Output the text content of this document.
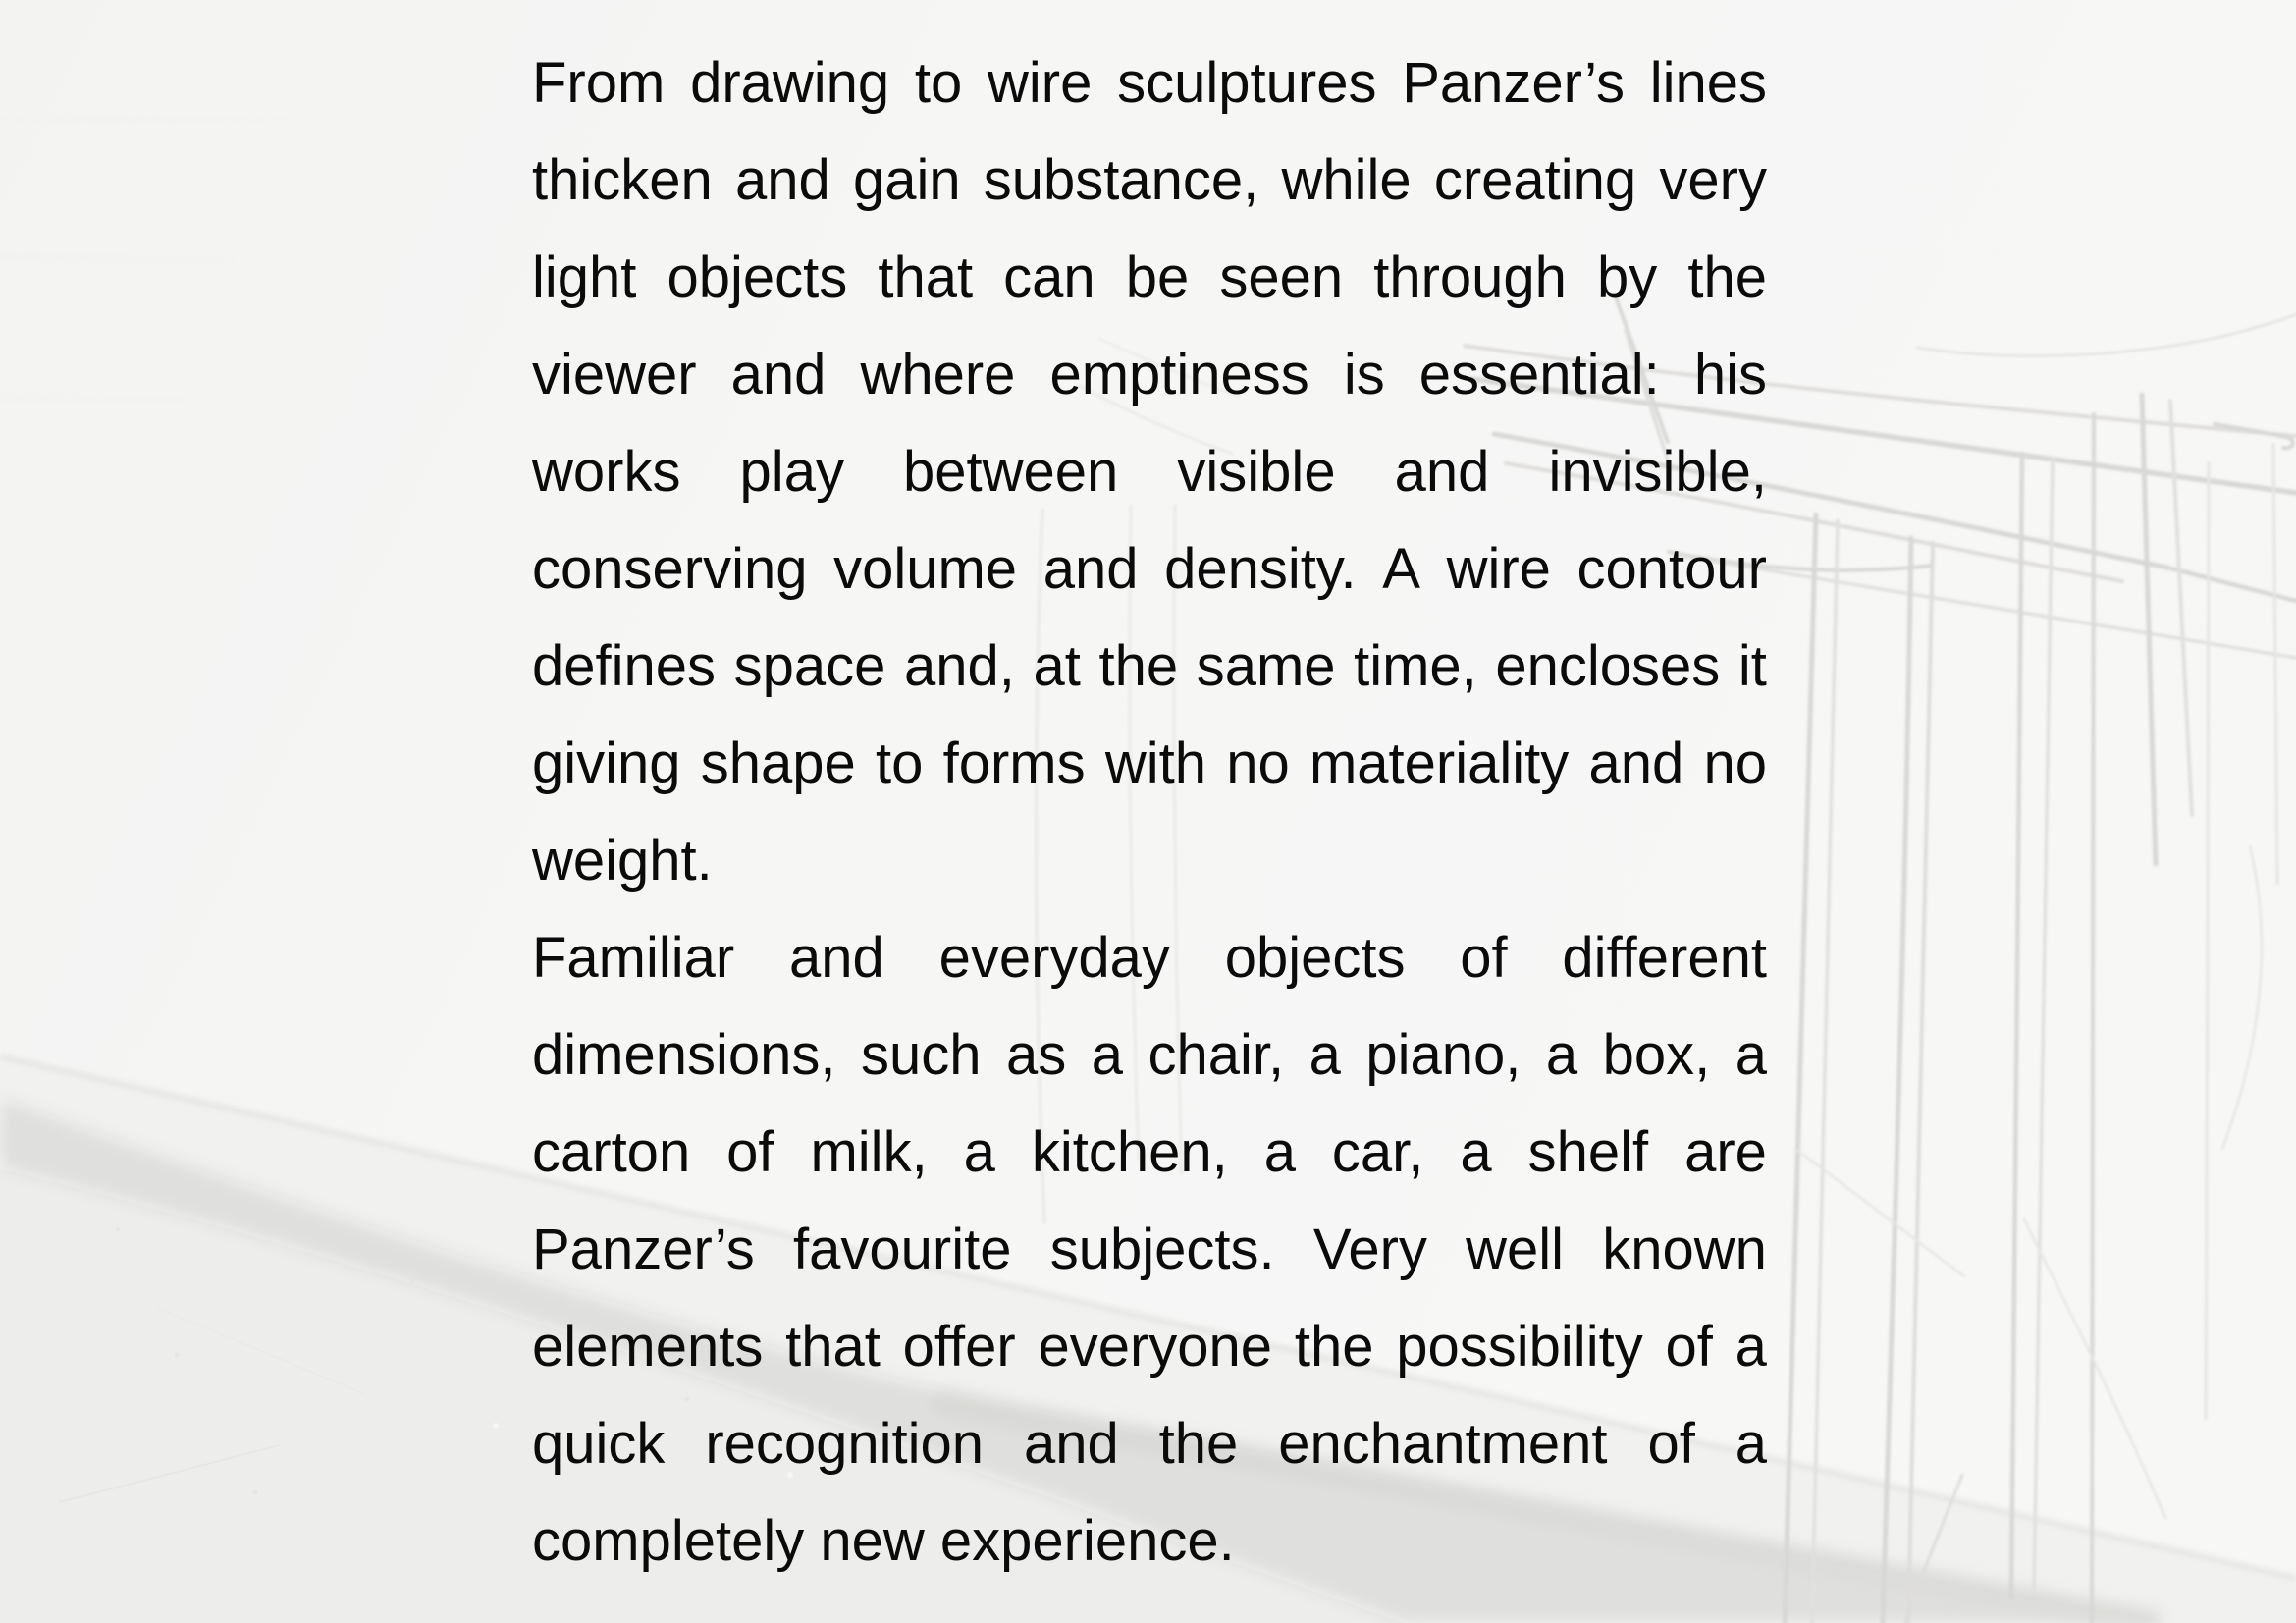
From drawing to wire sculptures Panzer’s lines
thicken and gain substance, while creating very
light objects that can be seen through by the
viewer and where emptiness is essential: his
works play between visible and invisible,
conserving volume and density. A wire contour
defines space and, at the same time, encloses it
giving shape to forms with no materiality and no
weight.
Familiar and everyday objects of different
dimensions, such as a chair, a piano, a box, a
carton of milk, a kitchen, a car, a shelf are
Panzer’s favourite subjects. Very well known
elements that offer everyone the possibility of a
quick recognition and the enchantment of a
completely new experience.
